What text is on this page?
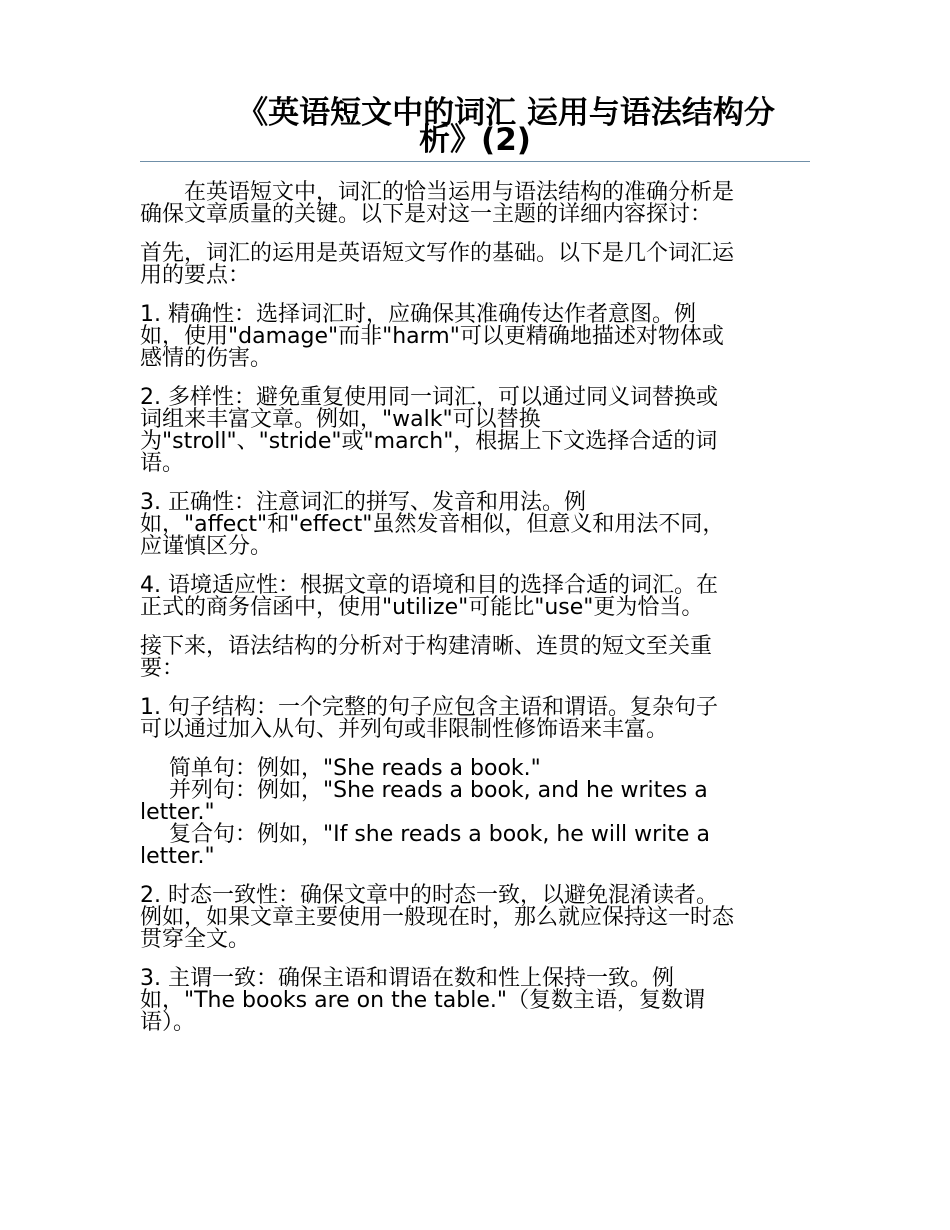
《英语短文中的词汇 运用与语法结构分
析》(2)
在英语短文中，词汇的恰当运用与语法结构的准确分析是
确保文章质量的关键。以下是对这一主题的详细内容探讨：
首先，词汇的运用是英语短文写作的基础。以下是几个词汇运
用的要点：
1. 精确性：选择词汇时，应确保其准确传达作者意图。例
如，使用"damage"而非"harm"可以更精确地描述对物体或
感情的伤害。
2. 多样性：避免重复使用同一词汇，可以通过同义词替换或
词组来丰富文章。例如，"walk"可以替换
为"stroll"、"stride"或"march"，根据上下文选择合适的词
语。
3. 正确性：注意词汇的拼写、发音和用法。例
如，"affect"和"effect"虽然发音相似，但意义和用法不同，
应谨慎区分。
4. 语境适应性：根据文章的语境和目的选择合适的词汇。在
正式的商务信函中，使用"utilize"可能比"use"更为恰当。
接下来，语法结构的分析对于构建清晰、连贯的短文至关重
要：
1. 句子结构：一个完整的句子应包含主语和谓语。复杂句子
可以通过加入从句、并列句或非限制性修饰语来丰富。
简单句：例如，"She reads a book."
并列句：例如，"She reads a book, and he writes a
letter."
复合句：例如，"If she reads a book, he will write a
letter."
2. 时态一致性：确保文章中的时态一致，以避免混淆读者。
例如，如果文章主要使用一般现在时，那么就应保持这一时态
贯穿全文。
3. 主谓一致：确保主语和谓语在数和性上保持一致。例
如，"The books are on the table."（复数主语，复数谓
语）。
